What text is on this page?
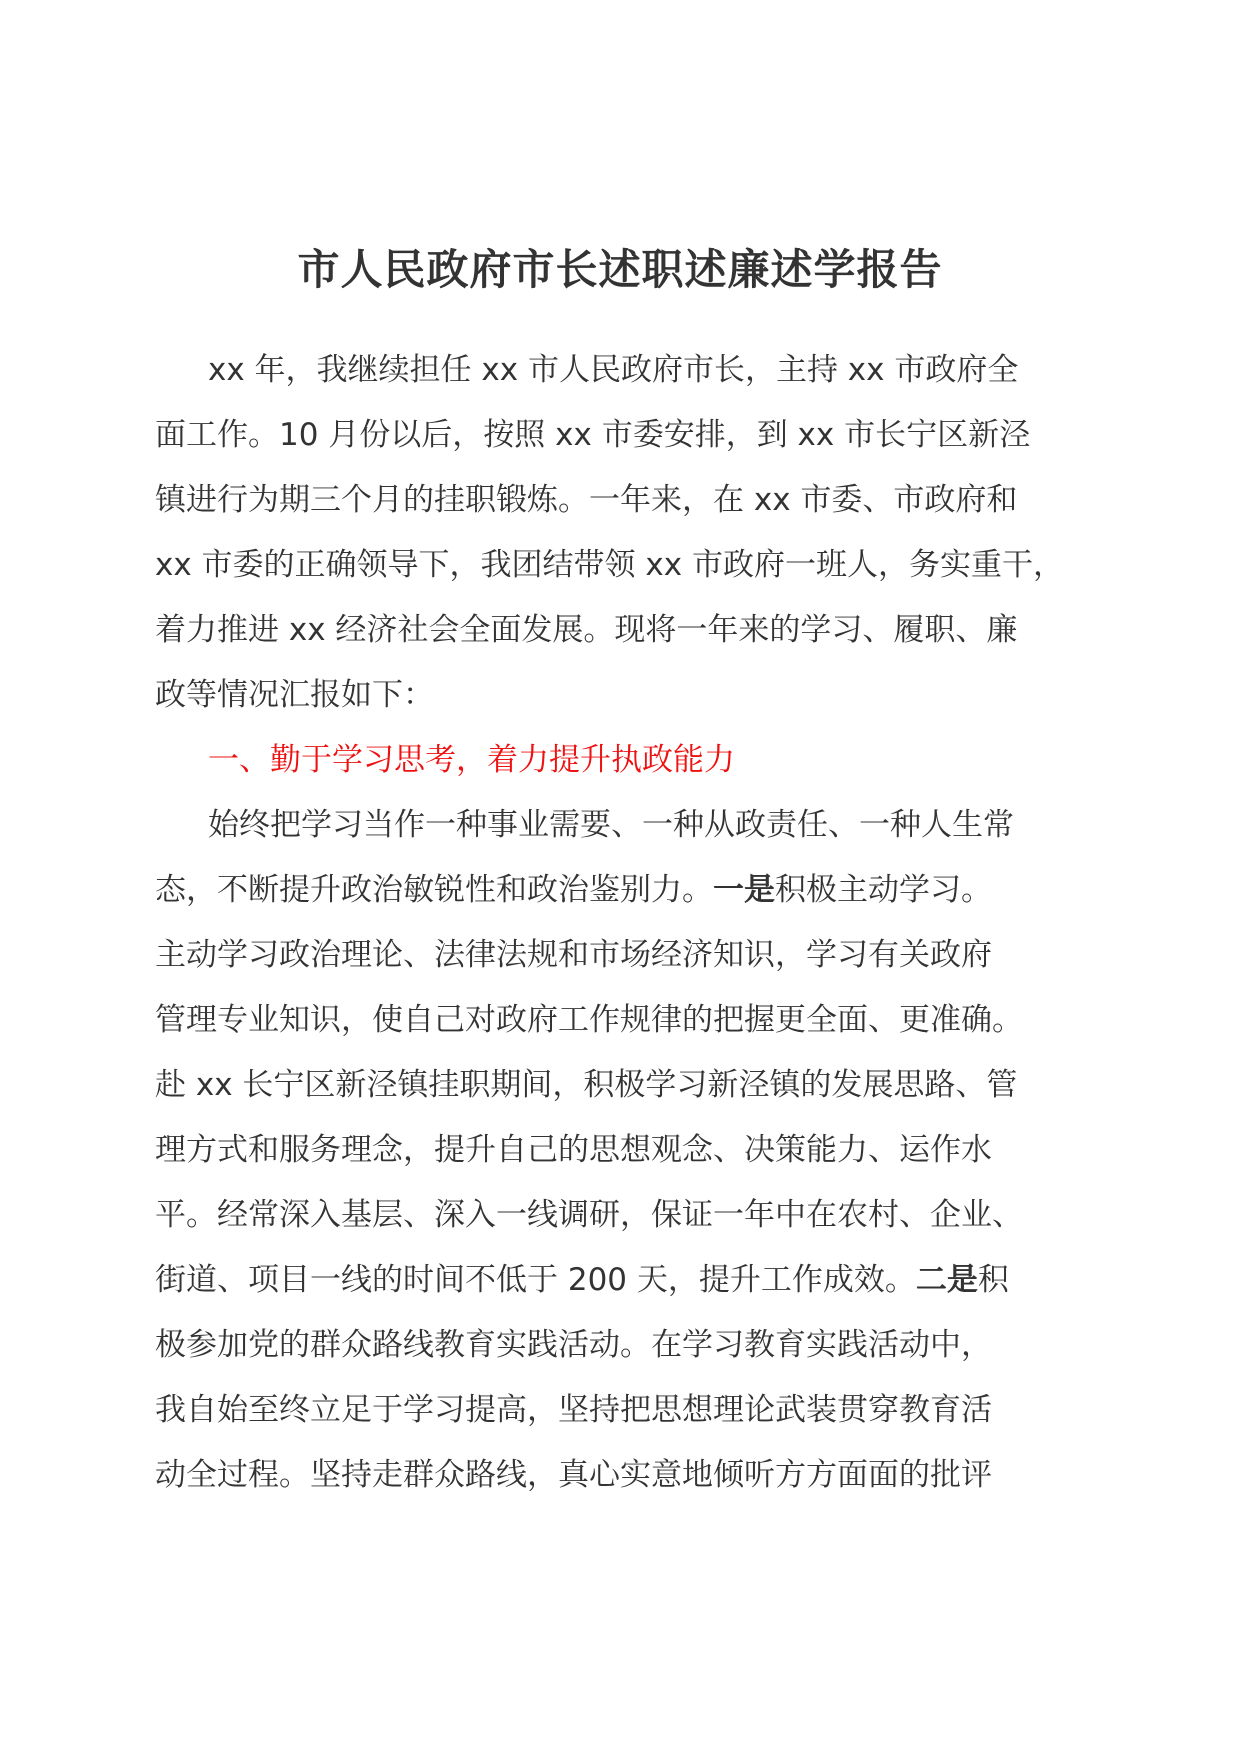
市人民政府市长述职述廉述学报告
xx 年，我继续担任 xx 市人民政府市长，主持 xx 市政府全
面工作。10 月份以后，按照 xx 市委安排，到 xx 市长宁区新泾
镇进行为期三个月的挂职锻炼。一年来，在 xx 市委、市政府和
xx 市委的正确领导下，我团结带领 xx 市政府一班人，务实重干，
着力推进 xx 经济社会全面发展。现将一年来的学习、履职、廉
政等情况汇报如下：
一、勤于学习思考，着力提升执政能力
始终把学习当作一种事业需要、一种从政责任、一种人生常
态，不断提升政治敏锐性和政治鉴别力。一是积极主动学习。
主动学习政治理论、法律法规和市场经济知识，学习有关政府
管理专业知识，使自己对政府工作规律的把握更全面、更准确。
赴 xx 长宁区新泾镇挂职期间，积极学习新泾镇的发展思路、管
理方式和服务理念，提升自己的思想观念、决策能力、运作水
平。经常深入基层、深入一线调研，保证一年中在农村、企业、
街道、项目一线的时间不低于 200 天，提升工作成效。二是积
极参加党的群众路线教育实践活动。在学习教育实践活动中，
我自始至终立足于学习提高，坚持把思想理论武装贯穿教育活
动全过程。坚持走群众路线，真心实意地倾听方方面面的批评
